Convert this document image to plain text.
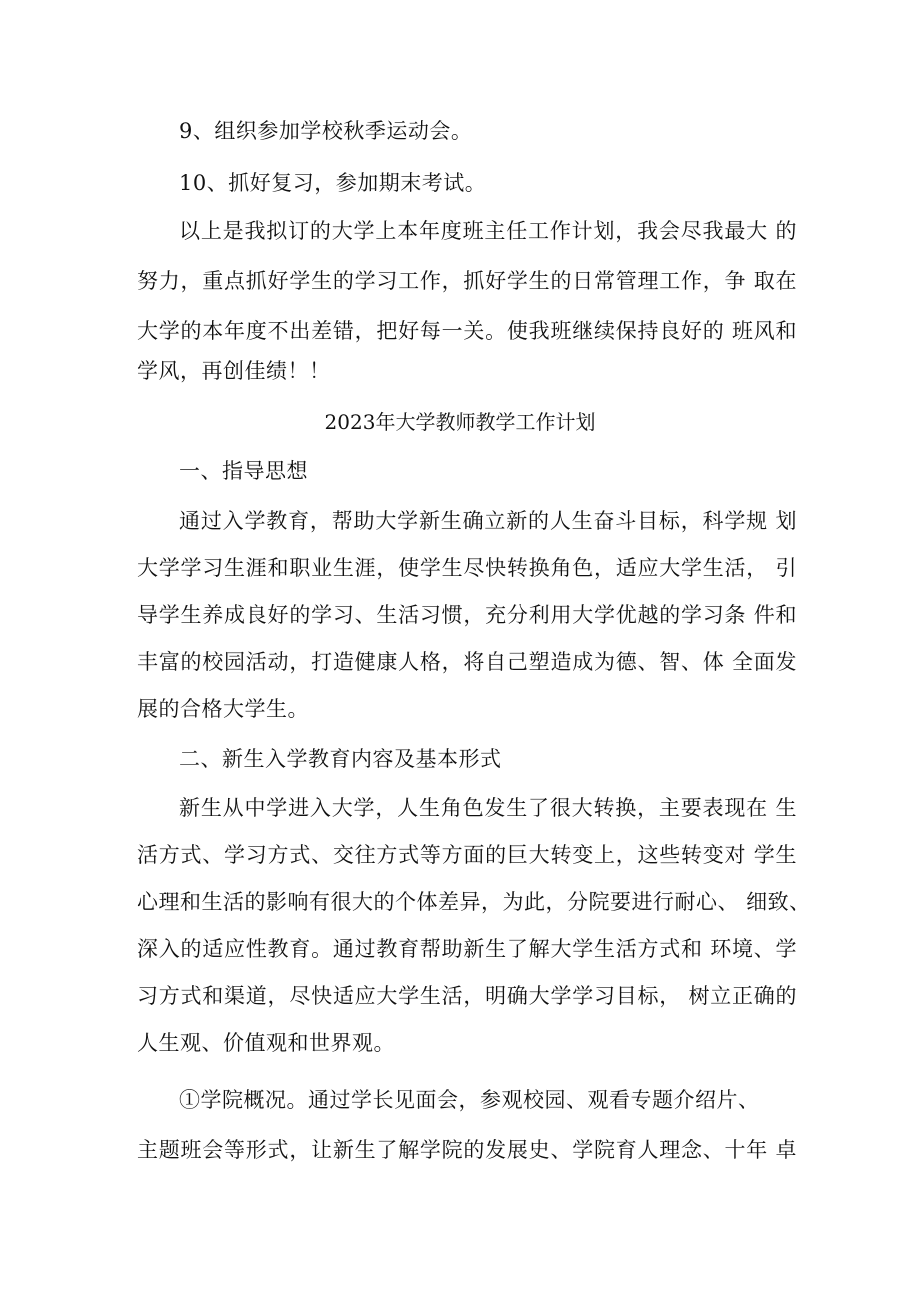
9、组织参加学校秋季运动会。
10、抓好复习，参加期末考试。
以上是我拟订的大学上本年度班主任工作计划，我会尽我最大 的
努力，重点抓好学生的学习工作，抓好学生的日常管理工作，争 取在
大学的本年度不出差错，把好每一关。使我班继续保持良好的 班风和
学风，再创佳绩！！
2023年大学教师教学工作计划
一、指导思想
通过入学教育，帮助大学新生确立新的人生奋斗目标，科学规 划
大学学习生涯和职业生涯，使学生尽快转换角色，适应大学生活， 引
导学生养成良好的学习、生活习惯，充分利用大学优越的学习条 件和
丰富的校园活动，打造健康人格，将自己塑造成为德、智、体 全面发
展的合格大学生。
二、新生入学教育内容及基本形式
新生从中学进入大学，人生角色发生了很大转换，主要表现在 生
活方式、学习方式、交往方式等方面的巨大转变上，这些转变对 学生
心理和生活的影响有很大的个体差异，为此，分院要进行耐心、 细致、
深入的适应性教育。通过教育帮助新生了解大学生活方式和 环境、学
习方式和渠道，尽快适应大学生活，明确大学学习目标， 树立正确的
人生观、价值观和世界观。
①学院概况。通过学长见面会，参观校园、观看专题介绍片、
主题班会等形式，让新生了解学院的发展史、学院育人理念、十年 卓
